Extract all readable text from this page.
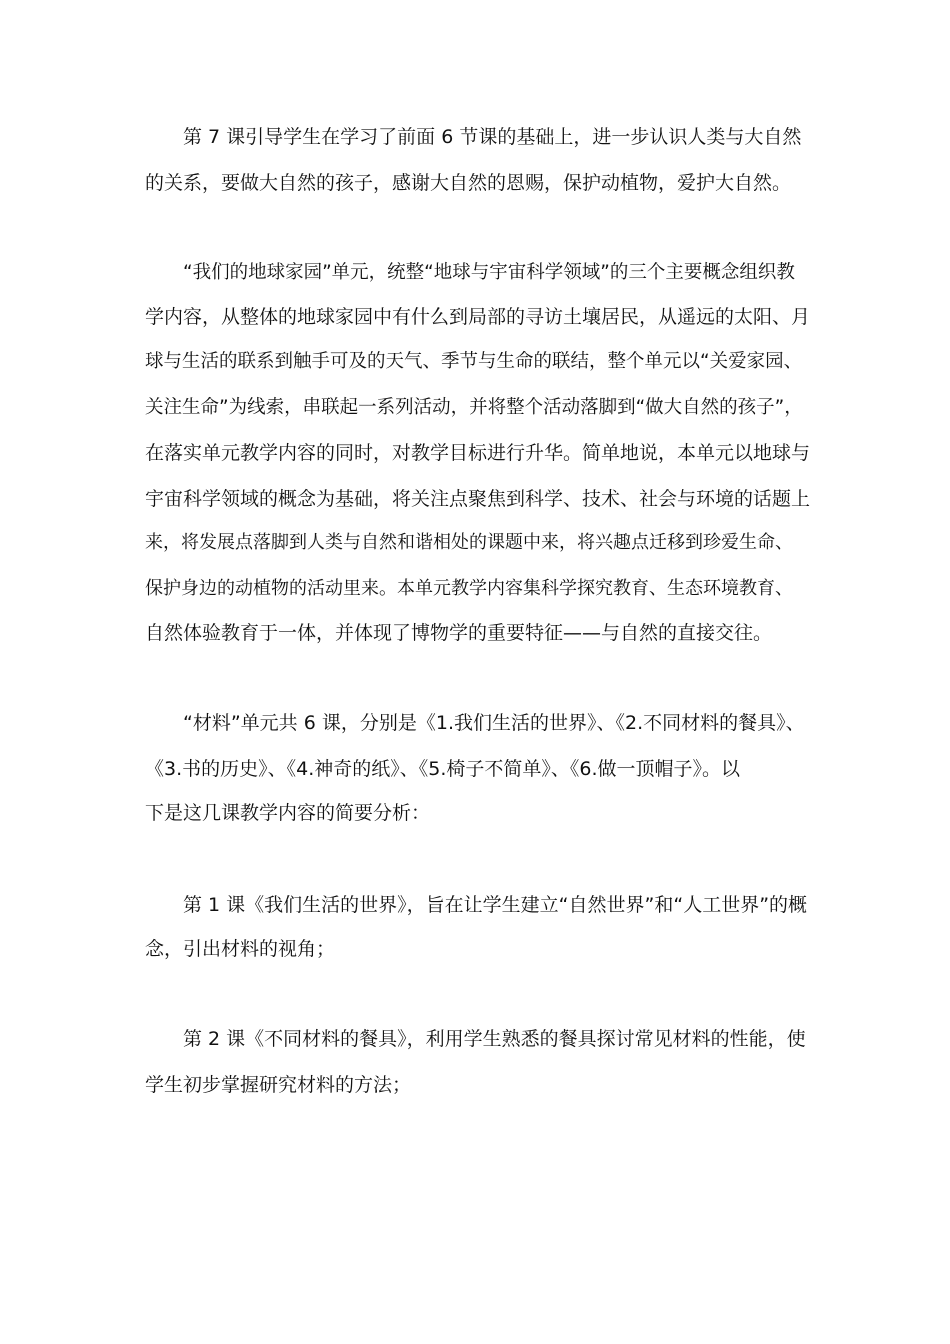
第 7 课引导学生在学习了前面 6 节课的基础上，进一步认识人类与大自然
的关系，要做大自然的孩子，感谢大自然的恩赐，保护动植物，爱护大自然。
“我们的地球家园”单元，统整“地球与宇宙科学领域”的三个主要概念组织教
学内容，从整体的地球家园中有什么到局部的寻访土壤居民，从遥远的太阳、月
球与生活的联系到触手可及的天气、季节与生命的联结，整个单元以“关爱家园、
关注生命”为线索，串联起一系列活动，并将整个活动落脚到“做大自然的孩子”，
在落实单元教学内容的同时，对教学目标进行升华。简单地说，本单元以地球与
宇宙科学领域的概念为基础，将关注点聚焦到科学、技术、社会与环境的话题上
来，将发展点落脚到人类与自然和谐相处的课题中来，将兴趣点迁移到珍爱生命、
保护身边的动植物的活动里来。本单元教学内容集科学探究教育、生态环境教育、
自然体验教育于一体，并体现了博物学的重要特征——与自然的直接交往。
“材料”单元共 6 课，分别是《1.我们生活的世界》、《2.不同材料的餐具》、
《3.书的历史》、《4.神奇的纸》、《5.椅子不简单》、《6.做一顶帽子》。以
下是这几课教学内容的简要分析：
第 1 课《我们生活的世界》，旨在让学生建立“自然世界”和“人工世界”的概
念，引出材料的视角；
第 2 课《不同材料的餐具》，利用学生熟悉的餐具探讨常见材料的性能，使
学生初步掌握研究材料的方法；
